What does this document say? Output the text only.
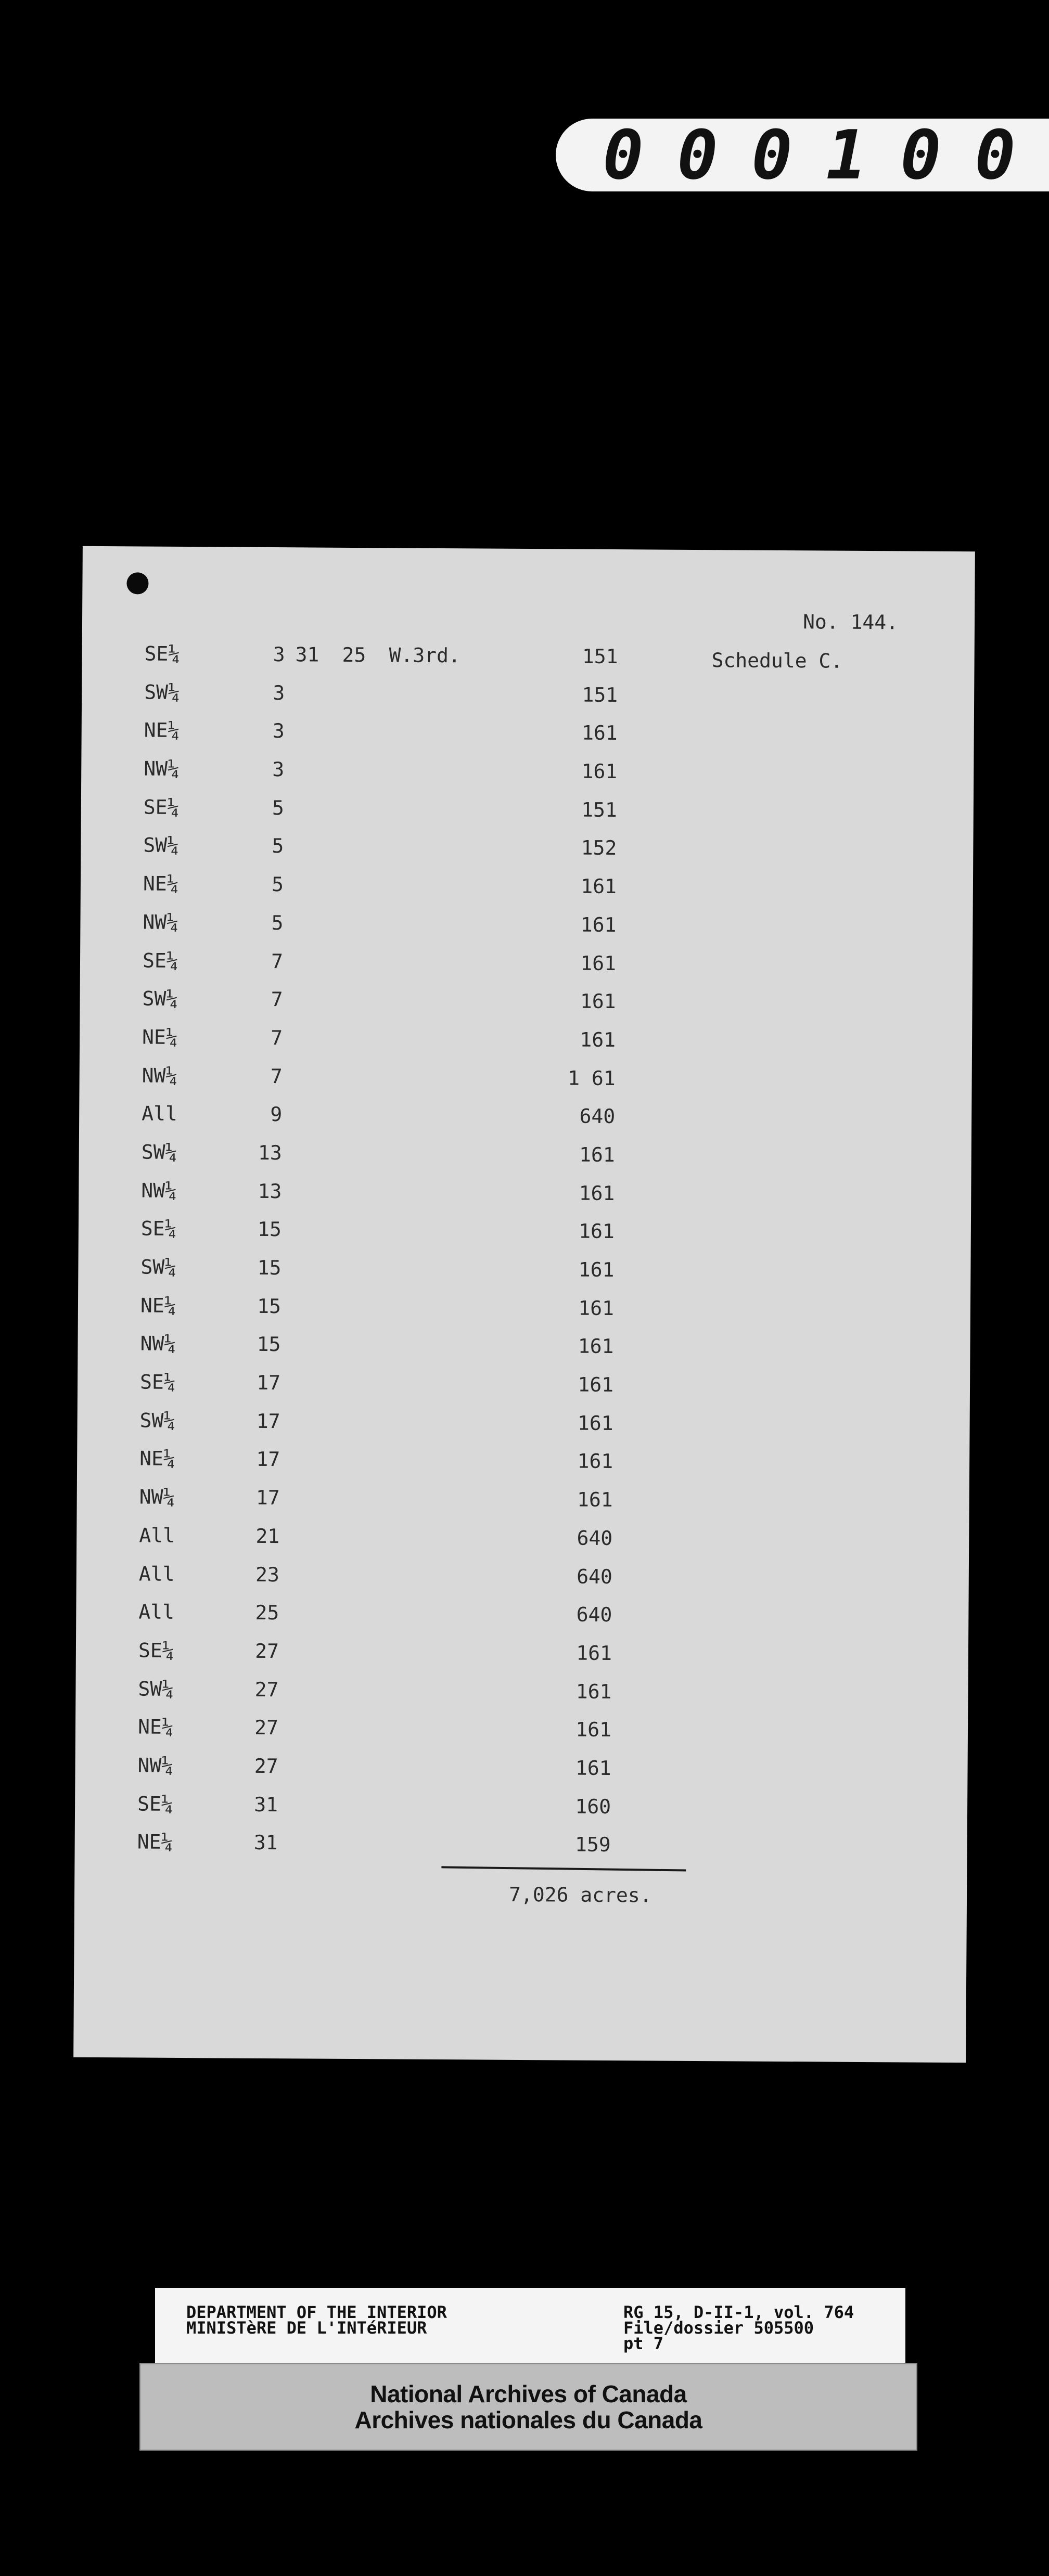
0 0 0 1 0 0
No. 144.
Schedule C.
SE¼	3 31	25	W.3rd.	151
SW¼	3	151
NE¼	3	161
NW¼	3	161
SE¼	5	151
SW¼	5	152
NE¼	5	161
NW¼	5	161
SE¼	7	161
SW¼	7	161
NE¼	7	161
NW¼	7	1 61
All	9	640
SW¼	13	161
NW¼	13	161
SE¼	15	161
SW¼	15	161
NE¼	15	161
NW¼	15	161
SE¼	17	161
SW¼	17	161
NE¼	17	161
NW¼	17	161
All	21	640
All	23	640
All	25	640
SE¼	27	161
SW¼	27	161
NE¼	27	161
NW¼	27	161
SE¼	31	160
NE¼	31	159
7,026 acres.
DEPARTMENT OF THE INTERIOR
MINISTèRE DE L'INTéRIEUR
RG 15, D-II-1, vol. 764
File/dossier 505500
pt 7
National Archives of Canada
Archives nationales du Canada
